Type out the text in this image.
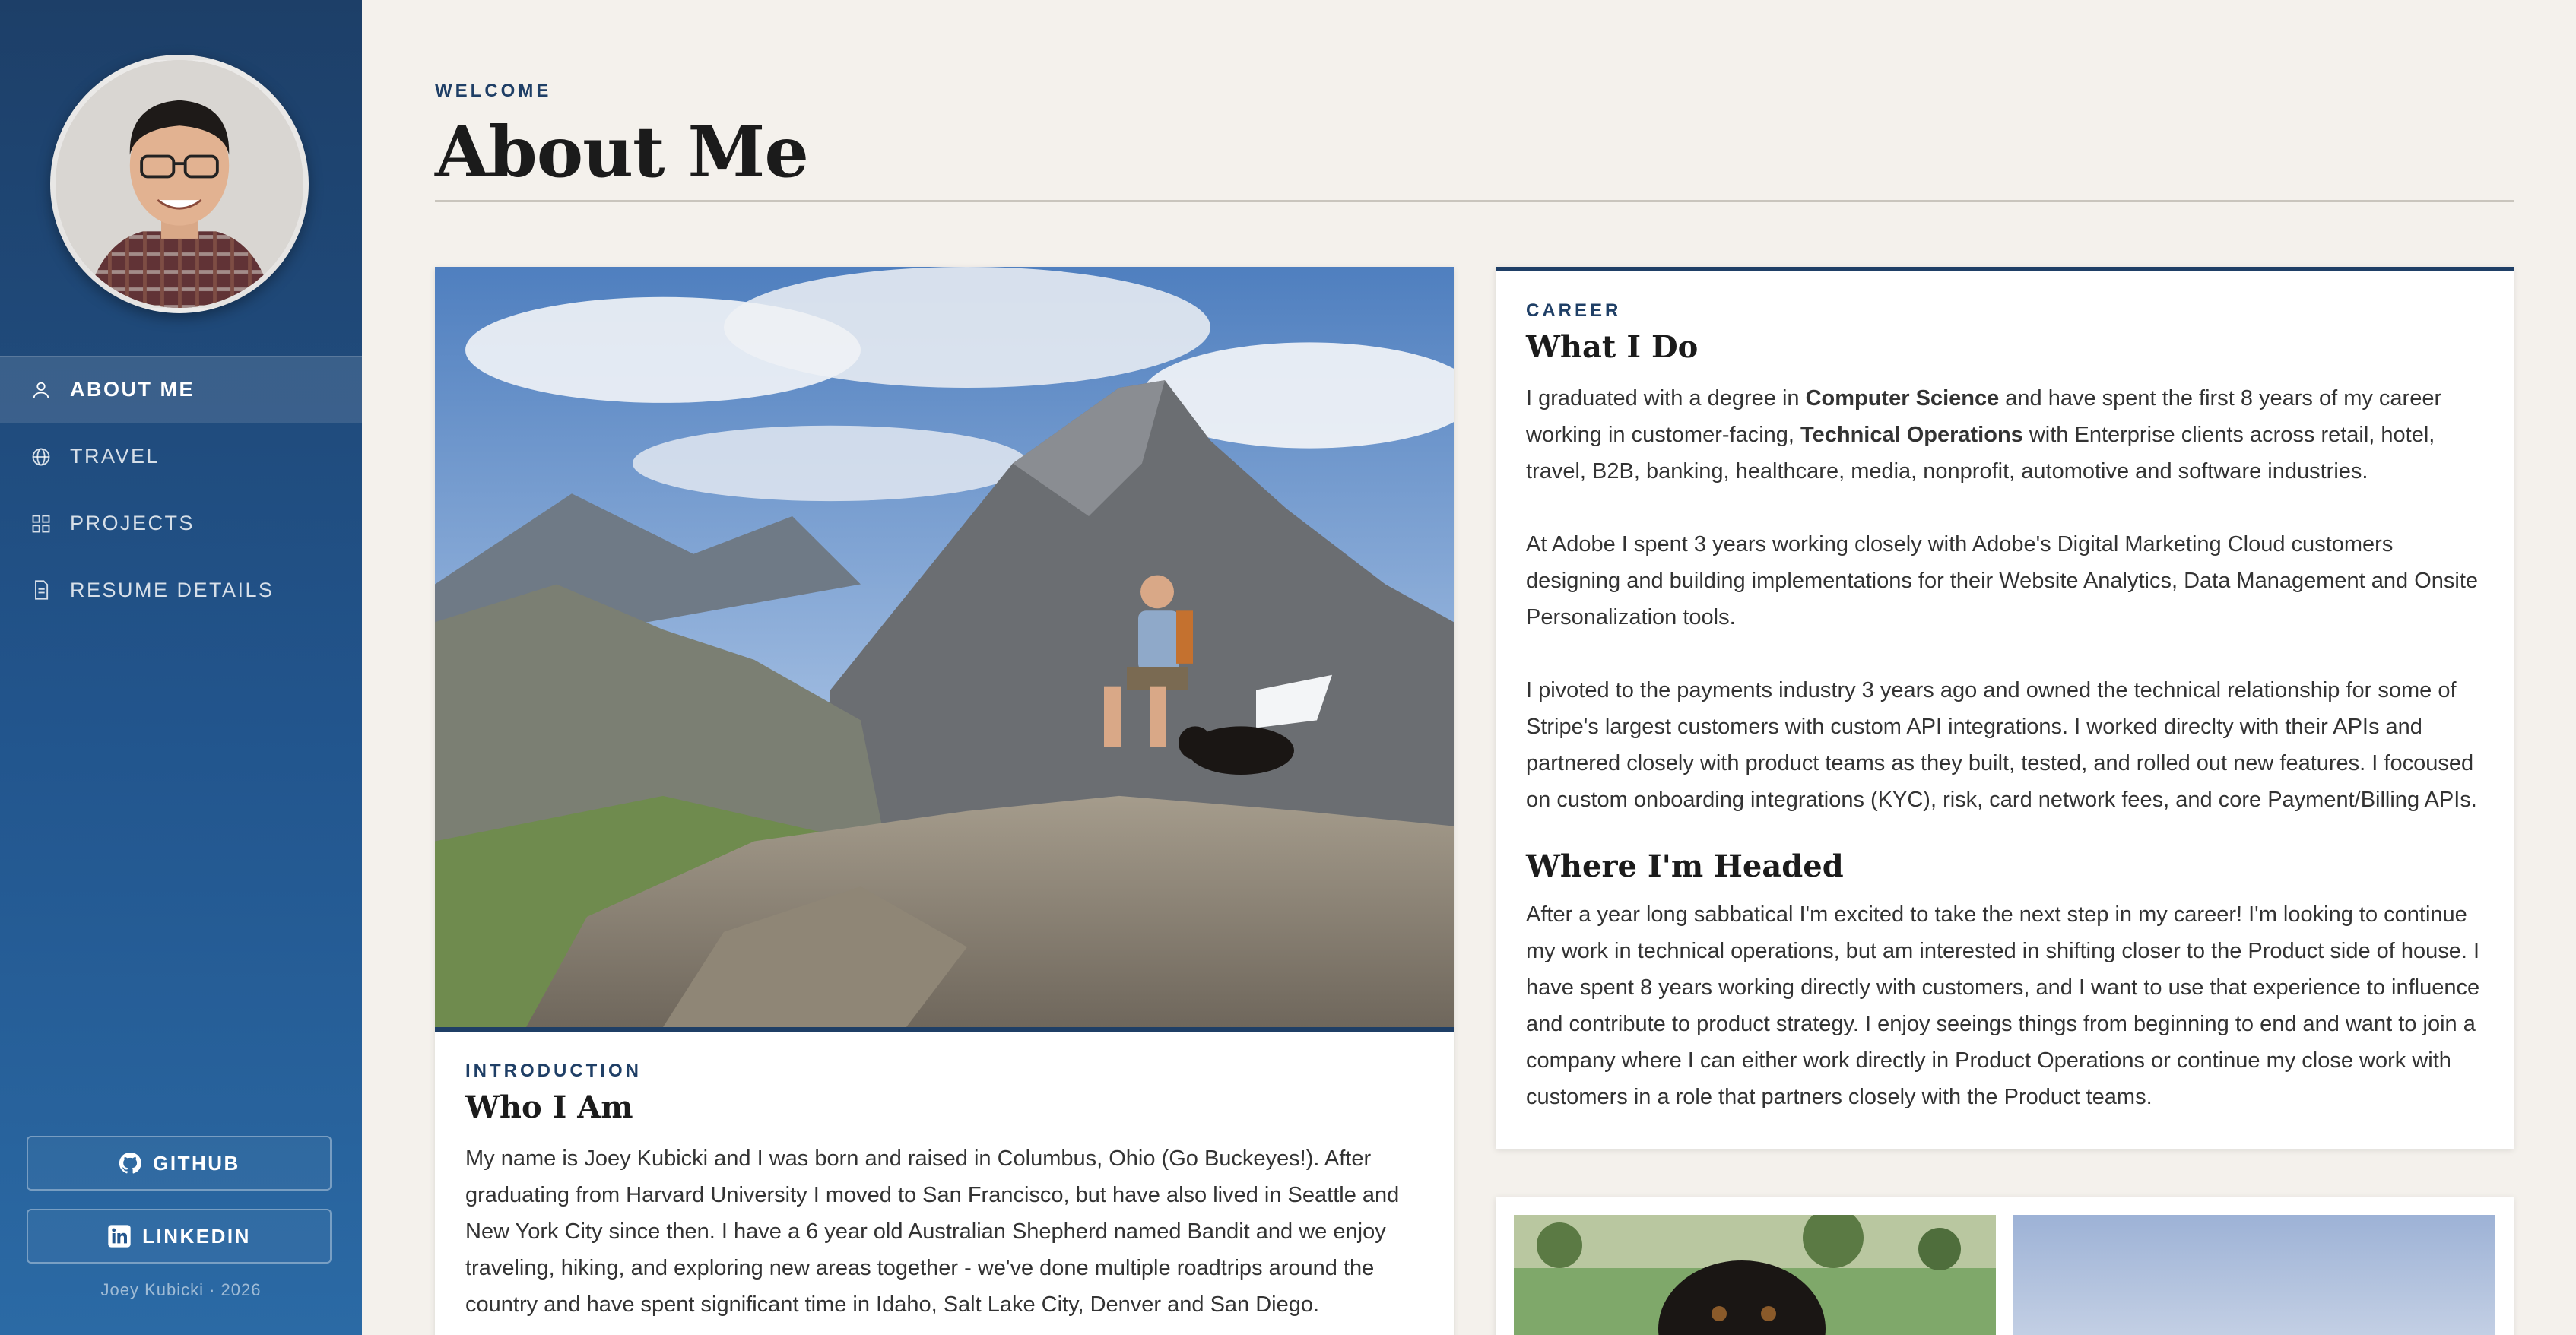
ABOUT ME
TRAVEL
PROJECTS
RESUME DETAILS
GITHUB
LINKEDIN
Joey Kubicki · 2026
WELCOME
About Me
INTRODUCTION
Who I Am

My name is Joey Kubicki and I was born and raised in Columbus, Ohio (Go Buckeyes!). After graduating from Harvard University I moved to San Francisco, but have also lived in Seattle and New York City since then. I have a 6 year old Australian Shepherd named Bandit and we enjoy traveling, hiking, and exploring new areas together - we've done multiple roadtrips around the country and have spent significant time in Idaho, Salt Lake City, Denver and San Diego.

CAREER
What I Do

I graduated with a degree in Computer Science and have spent the first 8 years of my career working in customer-facing, Technical Operations with Enterprise clients across retail, hotel, travel, B2B, banking, healthcare, media, nonprofit, automotive and software industries.

At Adobe I spent 3 years working closely with Adobe's Digital Marketing Cloud customers designing and building implementations for their Website Analytics, Data Management and Onsite Personalization tools.

I pivoted to the payments industry 3 years ago and owned the technical relationship for some of Stripe's largest customers with custom API integrations. I worked direclty with their APIs and partnered closely with product teams as they built, tested, and rolled out new features. I focoused on custom onboarding integrations (KYC), risk, card network fees, and core Payment/Billing APIs.

Where I'm Headed

After a year long sabbatical I'm excited to take the next step in my career! I'm looking to continue my work in technical operations, but am interested in shifting closer to the Product side of house. I have spent 8 years working directly with customers, and I want to use that experience to influence and contribute to product strategy. I enjoy seeings things from beginning to end and want to join a company where I can either work directly in Product Operations or continue my close work with customers in a role that partners closely with the Product teams.
